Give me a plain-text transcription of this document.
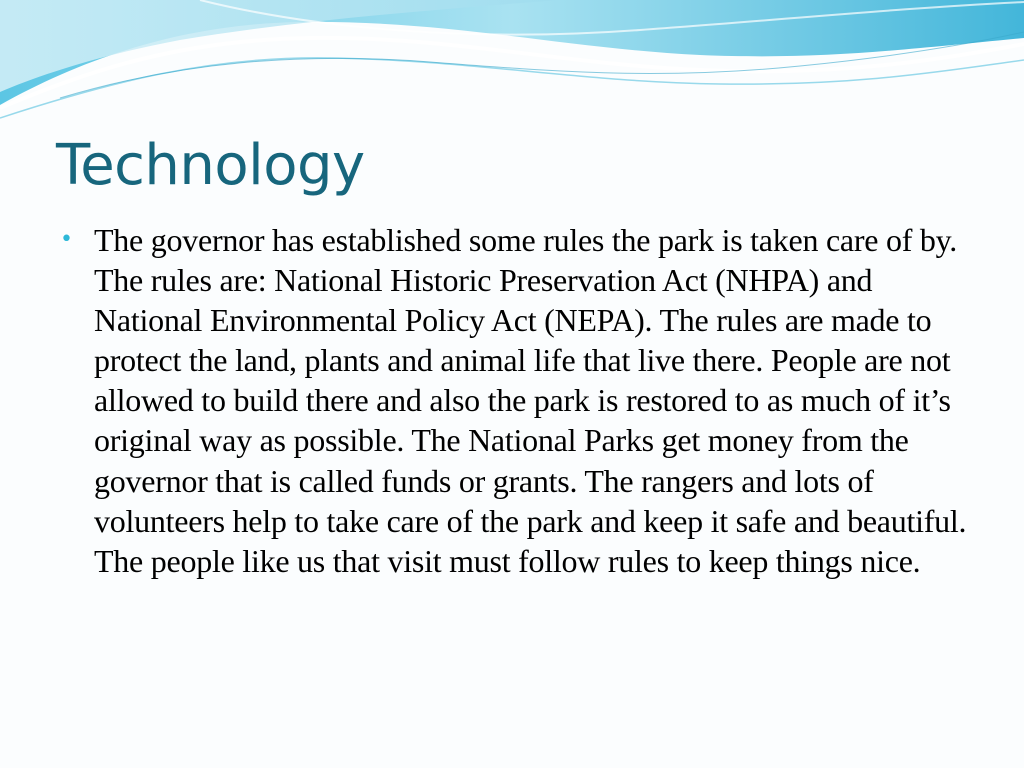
Technology
• The governor has established some rules the park is taken care of by. The rules are: National Historic Preservation Act (NHPA) and National Environmental Policy Act (NEPA). The rules are made to protect the land, plants and animal life that live there. People are not allowed to build there and also the park is restored to as much of it’s original way as possible. The National Parks get money from the governor that is called funds or grants. The rangers and lots of volunteers help to take care of the park and keep it safe and beautiful. The people like us that visit must follow rules to keep things nice.
